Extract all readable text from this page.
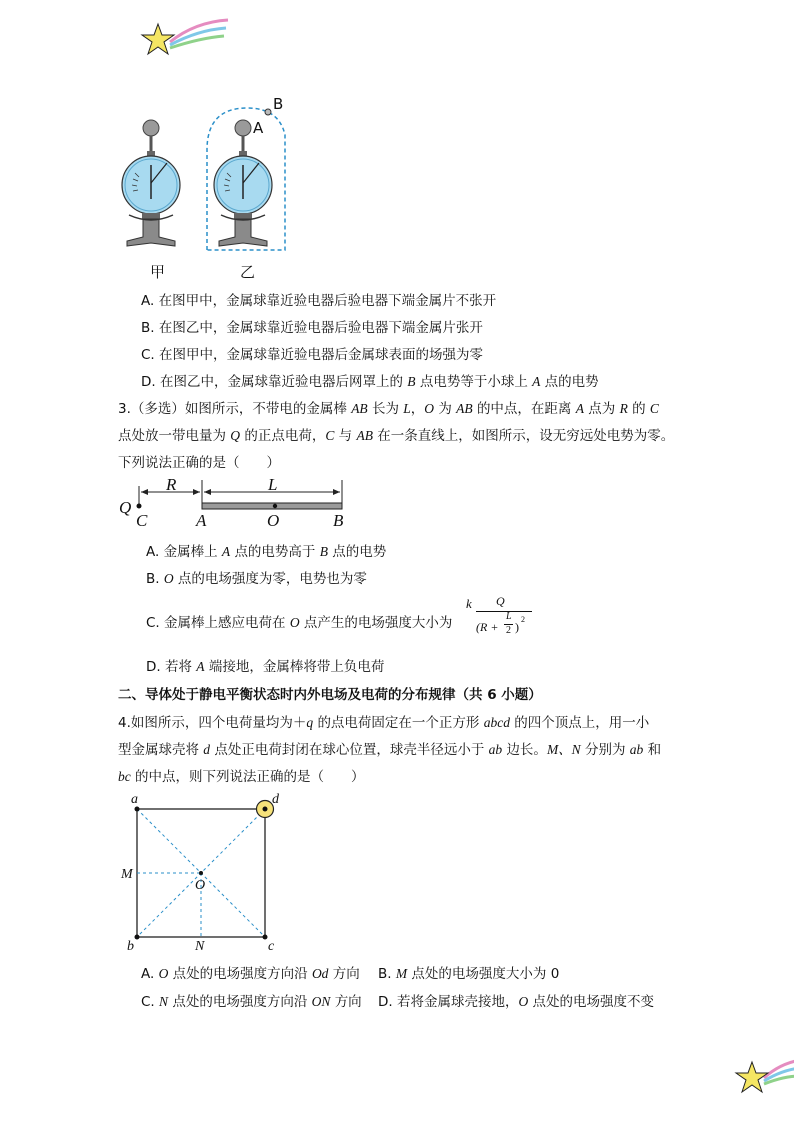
A
B
甲	乙
A. 在图甲中，金属球靠近验电器后验电器下端金属片不张开
B. 在图乙中，金属球靠近验电器后验电器下端金属片张开
C. 在图甲中，金属球靠近验电器后金属球表面的场强为零
D. 在图乙中，金属球靠近验电器后网罩上的 B 点电势等于小球上 A 点的电势
3.（多选）如图所示，不带电的金属棒 AB 长为 L，O 为 AB 的中点，在距离 A 点为 R 的 C
点处放一带电量为 Q 的正点电荷，C 与 AB 在一条直线上，如图所示，设无穷远处电势为零。
下列说法正确的是（　　）
R	L
Q
C	A	O	B
A. 金属棒上 A 点的电势高于 B 点的电势
B. O 点的电场强度为零，电势也为零
C. 金属棒上感应电荷在 O 点产生的电场强度大小为
k Q
(R +
L
2 )
2
D. 若将 A 端接地，金属棒将带上负电荷
二、导体处于静电平衡状态时内外电场及电荷的分布规律（共 6 小题）
4.如图所示，四个电荷量均为＋q 的点电荷固定在一个正方形 abcd 的四个顶点上，用一小
型金属球壳将 d 点处正电荷封闭在球心位置，球壳半径远小于 ab 边长。M、N 分别为 ab 和
bc 的中点，则下列说法正确的是（　　）
a	d
b	c
M
N
O
A. O 点处的电场强度方向沿 Od 方向 B. M 点处的电场强度大小为 0
C. N 点处的电场强度方向沿 ON 方向 D. 若将金属球壳接地，O 点处的电场强度不变
